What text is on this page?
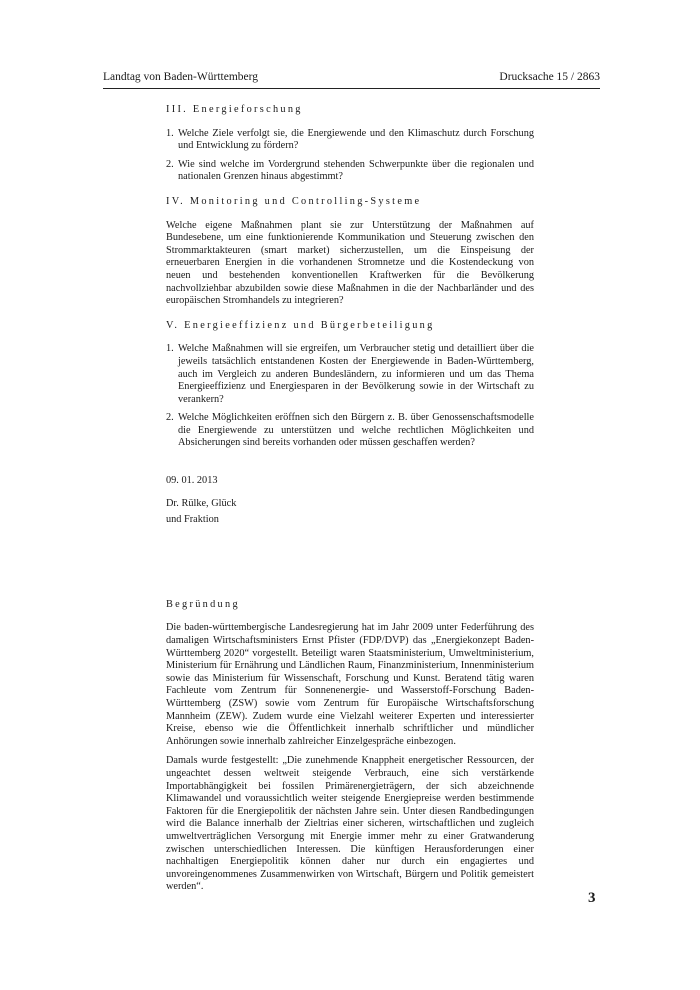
Landtag von Baden-Württemberg	Drucksache 15 / 2863
III. Energieforschung
1. Welche Ziele verfolgt sie, die Energiewende und den Klimaschutz durch Forschung und Entwicklung zu fördern?
2. Wie sind welche im Vordergrund stehenden Schwerpunkte über die regionalen und nationalen Grenzen hinaus abgestimmt?
IV. Monitoring und Controlling-Systeme
Welche eigene Maßnahmen plant sie zur Unterstützung der Maßnahmen auf Bundesebene, um eine funktionierende Kommunikation und Steuerung zwischen den Strommarktakteuren (smart market) sicherzustellen, um die Einspeisung der erneuerbaren Energien in die vorhandenen Stromnetze und die Kostendeckung von neuen und bestehenden konventionellen Kraftwerken für die Bevölkerung nachvollziehbar abzubilden sowie diese Maßnahmen in die der Nachbarländer und des europäischen Stromhandels zu integrieren?
V. Energieeffizienz und Bürgerbeteiligung
1. Welche Maßnahmen will sie ergreifen, um Verbraucher stetig und detailliert über die jeweils tatsächlich entstandenen Kosten der Energiewende in Baden-Württemberg, auch im Vergleich zu anderen Bundesländern, zu informieren und um das Thema Energieeffizienz und Energiesparen in der Bevölkerung sowie in der Wirtschaft zu verankern?
2. Welche Möglichkeiten eröffnen sich den Bürgern z. B. über Genossenschaftsmodelle die Energiewende zu unterstützen und welche rechtlichen Möglichkeiten und Absicherungen sind bereits vorhanden oder müssen geschaffen werden?
09. 01. 2013
Dr. Rülke, Glück
und Fraktion
Begründung
Die baden-württembergische Landesregierung hat im Jahr 2009 unter Federführung des damaligen Wirtschaftsministers Ernst Pfister (FDP/DVP) das „Energiekonzept Baden-Württemberg 2020“ vorgestellt. Beteiligt waren Staatsministerium, Umweltministerium, Ministerium für Ernährung und Ländlichen Raum, Finanzministerium, Innenministerium sowie das Ministerium für Wissenschaft, Forschung und Kunst. Beratend tätig waren Fachleute vom Zentrum für Sonnenenergie- und Wasserstoff-Forschung Baden-Württemberg (ZSW) sowie vom Zentrum für Europäische Wirtschaftsforschung Mannheim (ZEW). Zudem wurde eine Vielzahl weiterer Experten und interessierter Kreise, ebenso wie die Öffentlichkeit innerhalb schriftlicher und mündlicher Anhörungen sowie innerhalb zahlreicher Einzelgespräche einbezogen.
Damals wurde festgestellt: „Die zunehmende Knappheit energetischer Ressourcen, der ungeachtet dessen weltweit steigende Verbrauch, eine sich verstärkende Importabhängigkeit bei fossilen Primärenergieträgern, der sich abzeichnende Klimawandel und voraussichtlich weiter steigende Energiepreise werden bestimmende Faktoren für die Energiepolitik der nächsten Jahre sein. Unter diesen Randbedingungen wird die Balance innerhalb der Zieltrias einer sicheren, wirtschaftlichen und zugleich umweltverträglichen Versorgung mit Energie immer mehr zu einer Gratwanderung zwischen unterschiedlichen Interessen. Die künftigen Herausforderungen einer nachhaltigen Energiepolitik können daher nur durch ein engagiertes und unvoreingenommenes Zusammenwirken von Wirtschaft, Bürgern und Politik gemeistert werden“.
3
